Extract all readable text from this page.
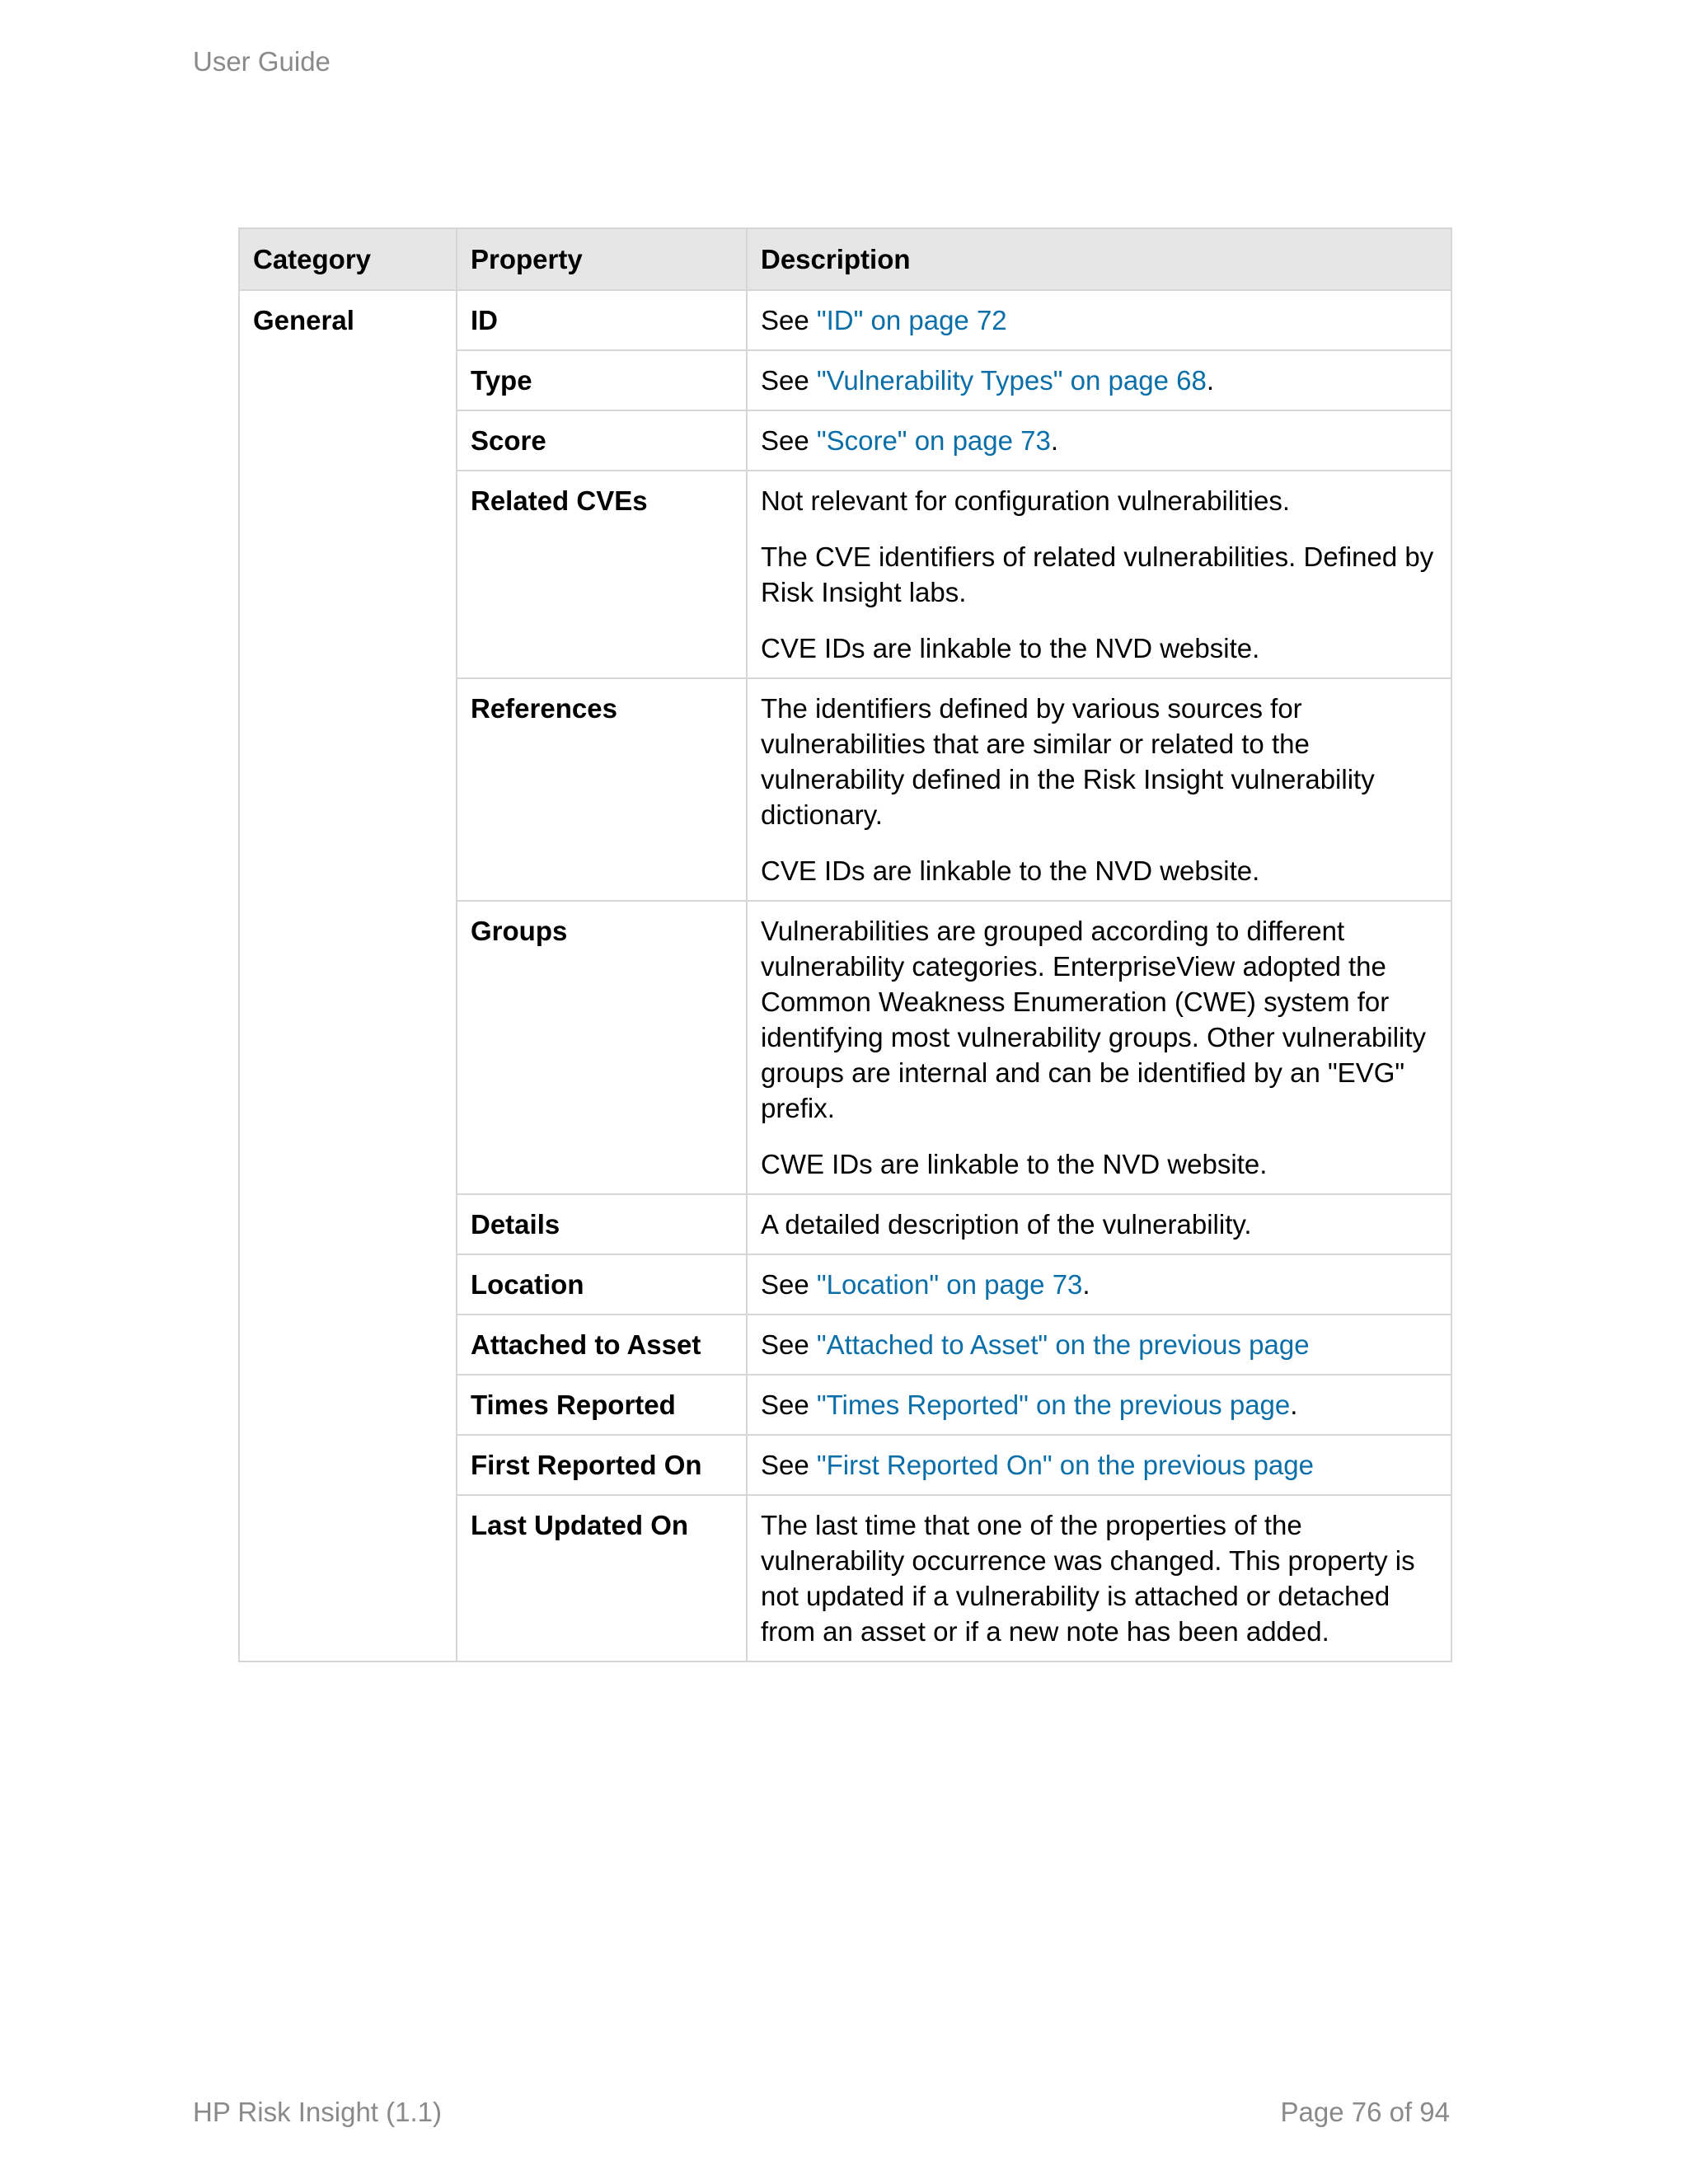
User Guide
Category	Property	Description
General	ID	See "ID" on page 72

	Type	See "Vulnerability Types" on page 68.

	Score	See "Score" on page 73.

	Related CVEs	Not relevant for configuration vulnerabilities.

The CVE identifiers of related vulnerabilities. Defined by Risk Insight labs.

CVE IDs are linkable to the NVD website.

	References	The identifiers defined by various sources for vulnerabilities that are similar or related to the vulnerability defined in the Risk Insight vulnerability dictionary.

CVE IDs are linkable to the NVD website.

	Groups	Vulnerabilities are grouped according to different vulnerability categories. EnterpriseView adopted the Common Weakness Enumeration (CWE) system for identifying most vulnerability groups. Other vulnerability groups are internal and can be identified by an "EVG" prefix.

CWE IDs are linkable to the NVD website.

	Details	A detailed description of the vulnerability.

	Location	See "Location" on page 73.

	Attached to Asset	See "Attached to Asset" on the previous page

	Times Reported	See "Times Reported" on the previous page.

	First Reported On	See "First Reported On" on the previous page

	Last Updated On	The last time that one of the properties of the vulnerability occurrence was changed. This property is not updated if a vulnerability is attached or detached from an asset or if a new note has been added.

HP Risk Insight (1.1)	Page 76 of 94
